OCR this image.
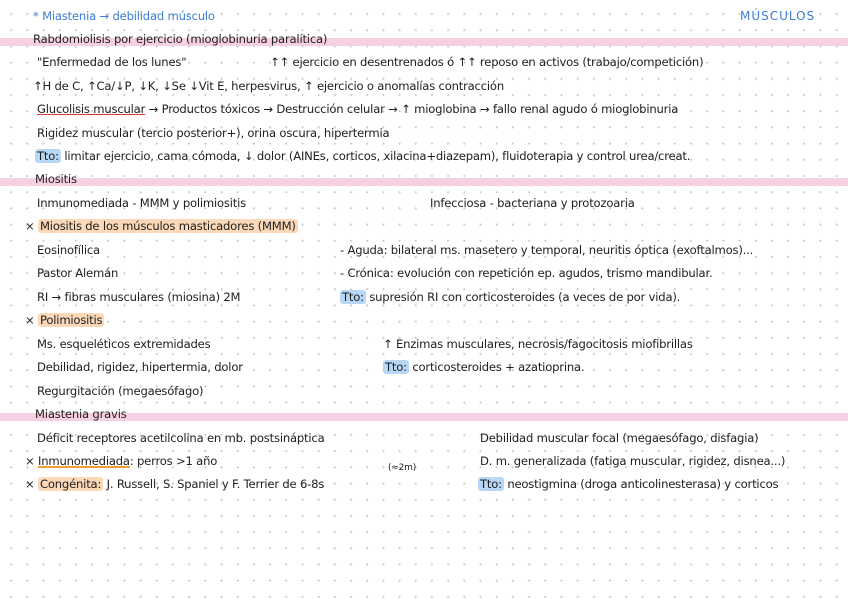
* Miastenia → debilidad músculo	MÚSCULOS
Rabdomiolisis por ejercicio (mioglobinuria paralítica)
"Enfermedad de los lunes"	↑↑ ejercicio en desentrenados ó ↑↑ reposo en activos (trabajo/competición)
↑H de C, ↑Ca/↓P, ↓K, ↓Se ↓Vit E, herpesvirus, ↑ ejercicio o anomalías contracción
Glucolisis muscular → Productos tóxicos → Destrucción celular → ↑ mioglobina → fallo renal agudo ó mioglobinuria
Rigidez muscular (tercio posterior+), orina oscura, hipertermia
Tto: limitar ejercicio, cama cómoda, ↓ dolor (AINEs, corticos, xilacina+diazepam), fluidoterapia y control urea/creat.
Miositis
Inmunomediada - MMM y polimiositis	Infecciosa - bacteriana y protozoaria
× Miositis de los músculos masticadores (MMM)
Eosinofílica	- Aguda: bilateral ms. masetero y temporal, neuritis óptica (exoftalmos)...
Pastor Alemán	- Crónica: evolución con repetición ep. agudos, trismo mandibular.
RI → fibras musculares (miosina) 2M	Tto: supresión RI con corticosteroides (a veces de por vida).
× Polimiositis
Ms. esqueléticos extremidades	↑ Enzimas musculares, necrosis/fagocitosis miofibrillas
Debilidad, rigidez, hipertermia, dolor	Tto: corticosteroides + azatioprina.
Regurgitación (megaesófago)
Miastenia gravis
Déficit receptores acetilcolina en mb. postsináptica	Debilidad muscular focal (megaesófago, disfagia)
× Inmunomediada: perros >1 año	(≈2m)	D. m. generalizada (fatiga muscular, rigidez, disnea...)
× Congénita: J. Russell, S. Spaniel y F. Terrier de 6-8s	Tto: neostigmina (droga anticolinesterasa) y corticos
